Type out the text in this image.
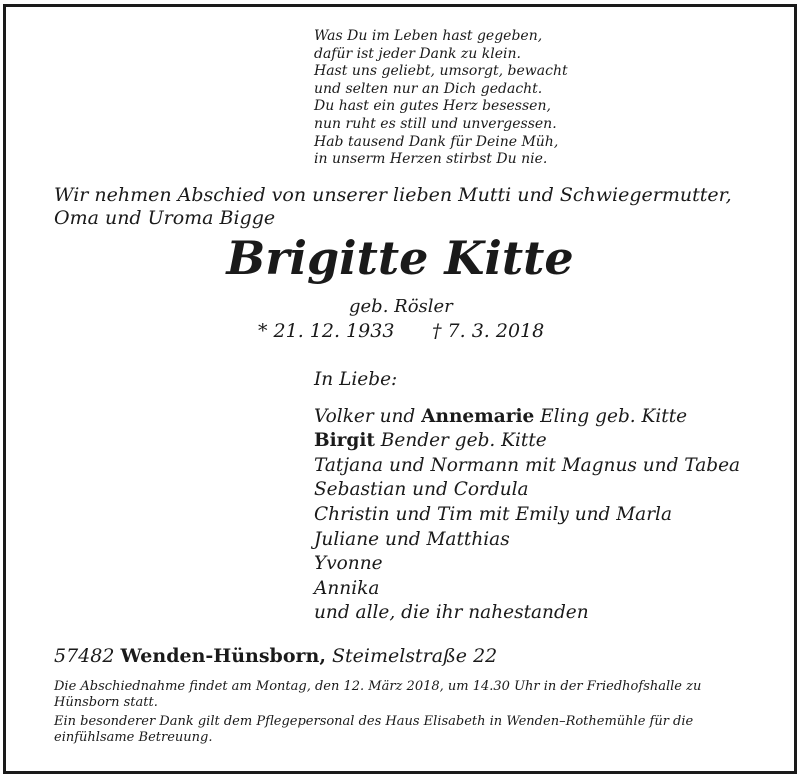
Was Du im Leben hast gegeben,
dafür ist jeder Dank zu klein.
Hast uns geliebt, umsorgt, bewacht
und selten nur an Dich gedacht.
Du hast ein gutes Herz besessen,
nun ruht es still und unvergessen.
Hab tausend Dank für Deine Müh,
in unserm Herzen stirbst Du nie.
Wir nehmen Abschied von unserer lieben Mutti und Schwiegermutter, Oma und Uroma Bigge
Brigitte Kitte
geb. Rösler
* 21. 12. 1933 † 7. 3. 2018
In Liebe:
Volker und Annemarie Eling geb. Kitte
Birgit Bender geb. Kitte
Tatjana und Normann mit Magnus und Tabea
Sebastian und Cordula
Christin und Tim mit Emily und Marla
Juliane und Matthias
Yvonne
Annika
und alle, die ihr nahestanden
57482 Wenden-Hünsborn, Steimelstraße 22

Die Abschiednahme findet am Montag, den 12. März 2018, um 14.30 Uhr in der Friedhofshalle zu Hünsborn statt.

Ein besonderer Dank gilt dem Pflegepersonal des Haus Elisabeth in Wenden–Rothemühle für die einfühlsame Betreuung.
